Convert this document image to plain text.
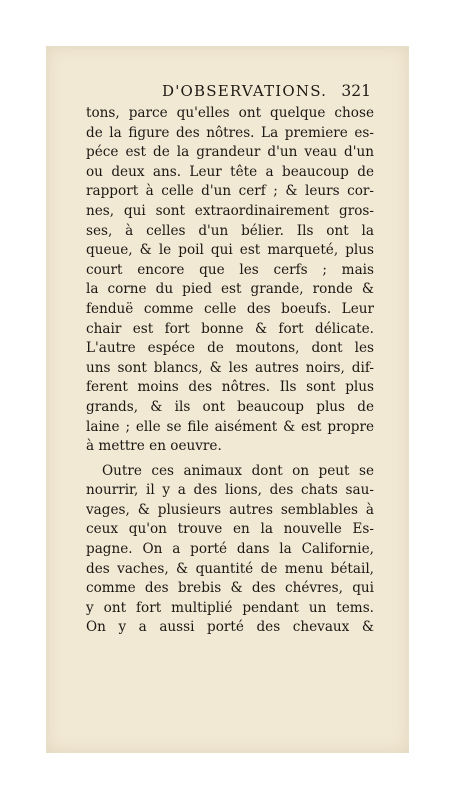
D'OBSERVATIONS. 321
tons, parce qu'elles ont quelque chose
de la figure des nôtres. La premiere es-
péce est de la grandeur d'un veau d'un
ou deux ans. Leur tête a beaucoup de
rapport à celle d'un cerf ; & leurs cor-
nes, qui sont extraordinairement gros-
ses, à celles d'un bélier. Ils ont la
queue, & le poil qui est marqueté, plus
court encore que les cerfs ; mais
la corne du pied est grande, ronde &
fenduë comme celle des boeufs. Leur
chair est fort bonne & fort délicate.
L'autre espéce de moutons, dont les
uns sont blancs, & les autres noirs, dif-
ferent moins des nôtres. Ils sont plus
grands, & ils ont beaucoup plus de
laine ; elle se file aisément & est propre
à mettre en oeuvre.
Outre ces animaux dont on peut se
nourrir, il y a des lions, des chats sau-
vages, & plusieurs autres semblables à
ceux qu'on trouve en la nouvelle Es-
pagne. On a porté dans la Californie,
des vaches, & quantité de menu bétail,
comme des brebis & des chévres, qui
y ont fort multiplié pendant un tems.
On y a aussi porté des chevaux &
